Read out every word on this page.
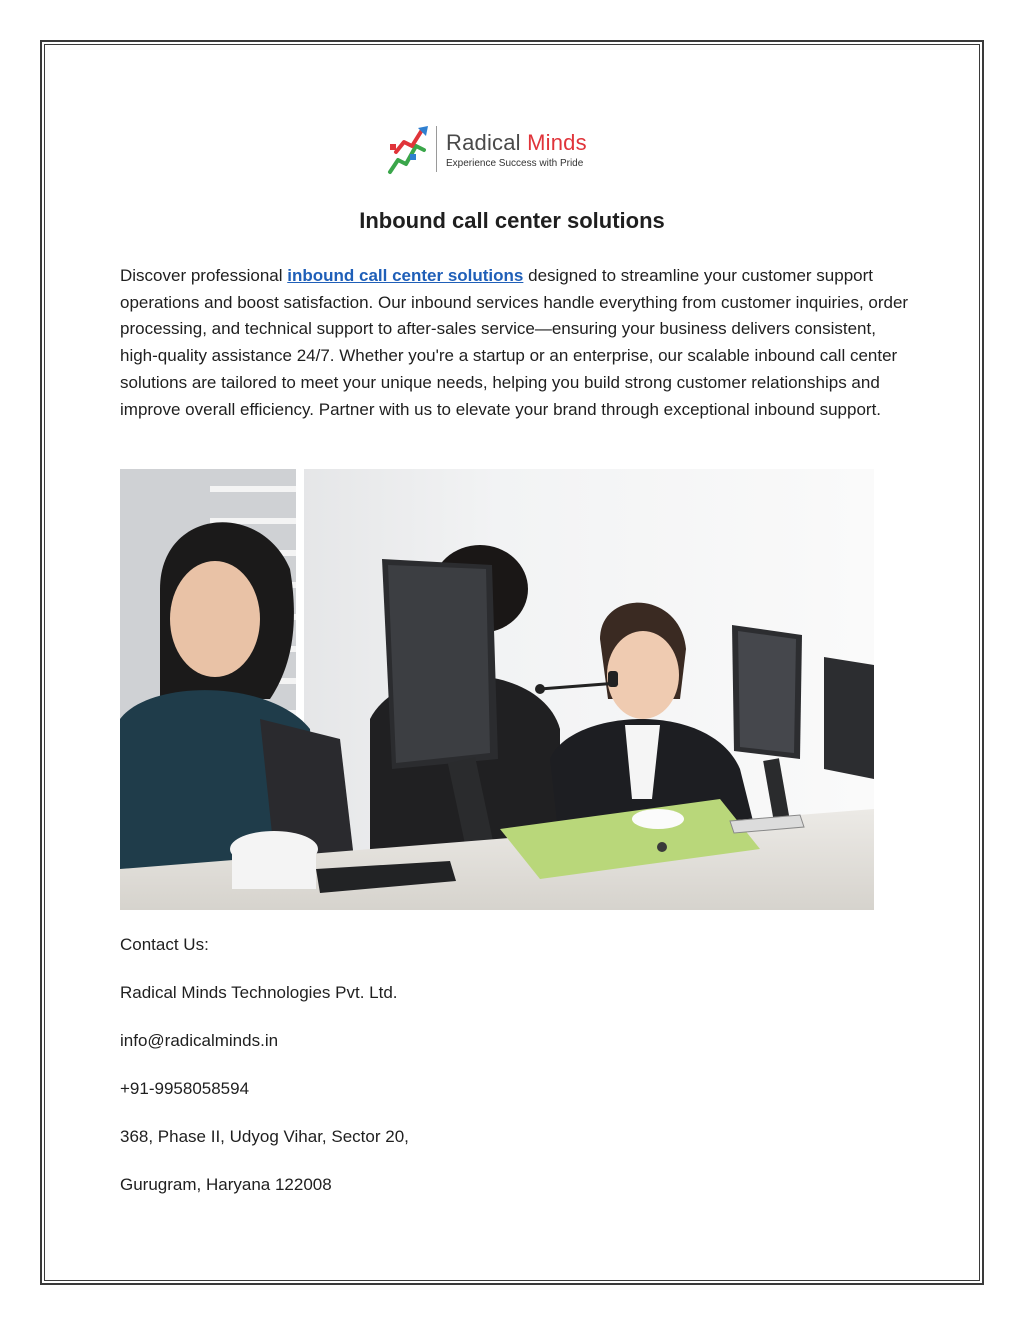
Radical Minds
Experience Success with Pride
Inbound call center solutions
Discover professional inbound call center solutions designed to streamline your customer support operations and boost satisfaction. Our inbound services handle everything from customer inquiries, order processing, and technical support to after-sales service—ensuring your business delivers consistent, high-quality assistance 24/7. Whether you're a startup or an enterprise, our scalable inbound call center solutions are tailored to meet your unique needs, helping you build strong customer relationships and improve overall efficiency. Partner with us to elevate your brand through exceptional inbound support.
Contact Us:
Radical Minds Technologies Pvt. Ltd.
info@radicalminds.in
+91-9958058594
368, Phase II, Udyog Vihar, Sector 20,
Gurugram, Haryana 122008
